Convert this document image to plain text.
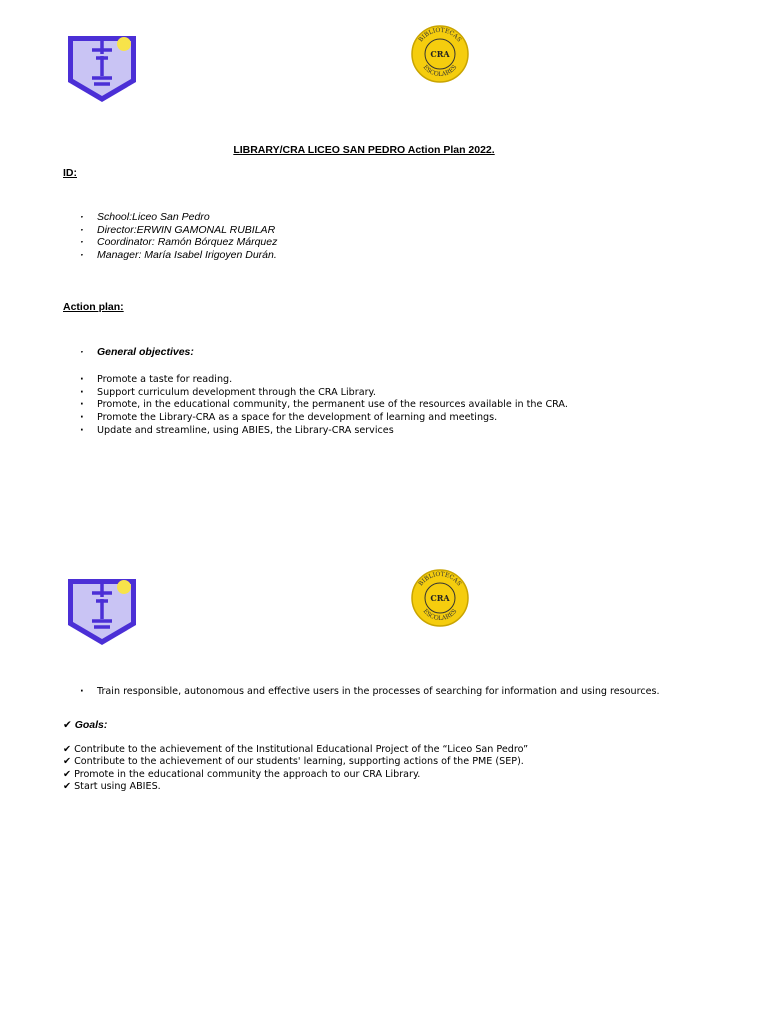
BIBLIOTECAS
CRA
ESCOLARES
LIBRARY/CRA LICEO SAN PEDRO Action Plan 2022.
ID:
· School:Liceo San Pedro
· Director:ERWIN GAMONAL RUBILAR
· Coordinator: Ramón Bórquez Márquez
· Manager: María Isabel Irigoyen Durán.
Action plan:
· General objectives:
· Promote a taste for reading.
· Support curriculum development through the CRA Library.
· Promote, in the educational community, the permanent use of the resources available in the CRA.
· Promote the Library-CRA as a space for the development of learning and meetings.
· Update and streamline, using ABIES, the Library-CRA services
BIBLIOTECAS
CRA
ESCOLARES
· Train responsible, autonomous and effective users in the processes of searching for information and using resources.
✔ Goals:
✔ Contribute to the achievement of the Institutional Educational Project of the “Liceo San Pedro”
✔ Contribute to the achievement of our students' learning, supporting actions of the PME (SEP).
✔ Promote in the educational community the approach to our CRA Library.
✔ Start using ABIES.
